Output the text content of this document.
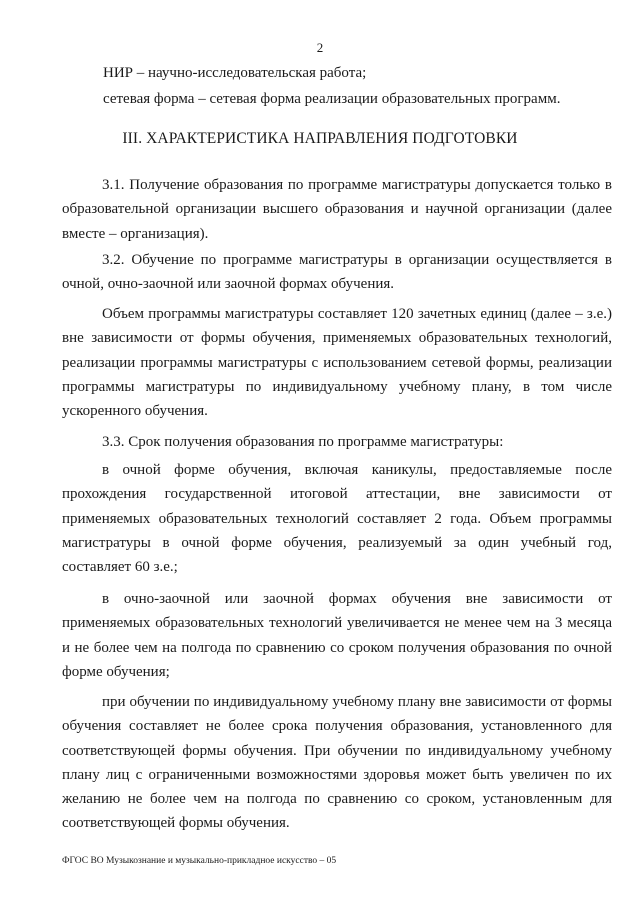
2
НИР – научно-исследовательская работа;
сетевая форма – сетевая форма реализации образовательных программ.
III. ХАРАКТЕРИСТИКА НАПРАВЛЕНИЯ ПОДГОТОВКИ

3.1. Получение образования по программе магистратуры допускается только в образовательной организации высшего образования и научной организации (далее вместе – организация).

3.2. Обучение по программе магистратуры в организации осуществляется в очной, очно-заочной или заочной формах обучения.

Объем программы магистратуры составляет 120 зачетных единиц (далее – з.е.) вне зависимости от формы обучения, применяемых образовательных технологий, реализации программы магистратуры с использованием сетевой формы, реализации программы магистратуры по индивидуальному учебному плану, в том числе ускоренного обучения.

3.3. Срок получения образования по программе магистратуры:

в очной форме обучения, включая каникулы, предоставляемые после прохождения государственной итоговой аттестации, вне зависимости от применяемых образовательных технологий составляет 2 года. Объем программы магистратуры в очной форме обучения, реализуемый за один учебный год, составляет 60 з.е.;

в очно-заочной или заочной формах обучения вне зависимости от применяемых образовательных технологий увеличивается не менее чем на 3 месяца и не более чем на полгода по сравнению со сроком получения образования по очной форме обучения;

при обучении по индивидуальному учебному плану вне зависимости от формы обучения составляет не более срока получения образования, установленного для соответствующей формы обучения. При обучении по индивидуальному учебному плану лиц с ограниченными возможностями здоровья может быть увеличен по их желанию не более чем на полгода по сравнению со сроком, установленным для соответствующей формы обучения.

ФГОС ВО Музыкознание и музыкально-прикладное искусство – 05
